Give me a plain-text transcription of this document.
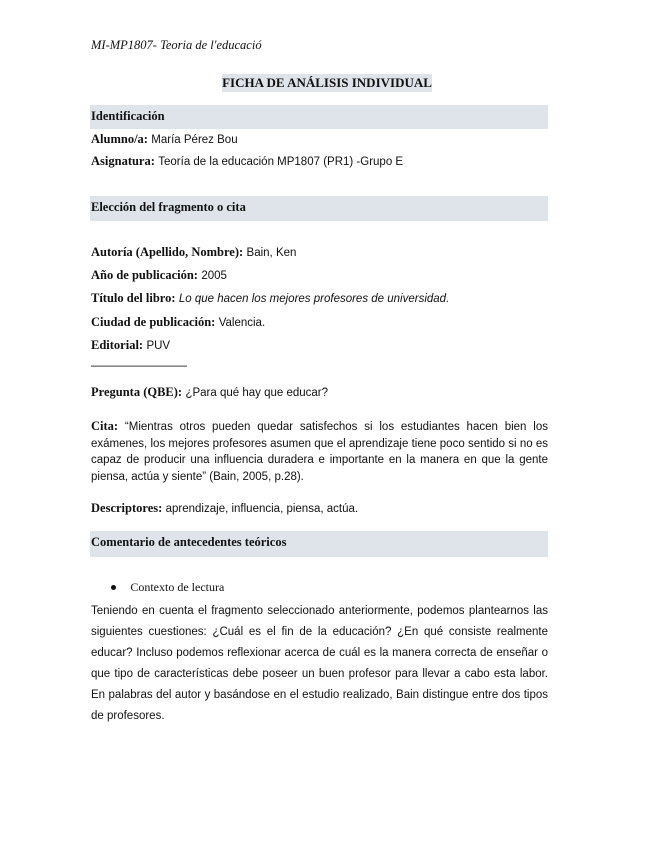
MI-MP1807- Teoria de l'educació
FICHA DE ANÁLISIS INDIVIDUAL
Identificación
Alumno/a: María Pérez Bou
Asignatura: Teoría de la educación MP1807 (PR1) -Grupo E
Elección del fragmento o cita
Autoría (Apellido, Nombre): Bain, Ken
Año de publicación: 2005
Título del libro: Lo que hacen los mejores profesores de universidad.
Ciudad de publicación: Valencia.
Editorial: PUV
————————
Pregunta (QBE): ¿Para qué hay que educar?
Cita: “Mientras otros pueden quedar satisfechos si los estudiantes hacen bien los exámenes, los mejores profesores asumen que el aprendizaje tiene poco sentido si no es capaz de producir una influencia duradera e importante en la manera en que la gente piensa, actúa y siente” (Bain, 2005, p.28).
Descriptores: aprendizaje, influencia, piensa, actúa.
Comentario de antecedentes teóricos
Contexto de lectura
Teniendo en cuenta el fragmento seleccionado anteriormente, podemos plantearnos las siguientes cuestiones: ¿Cuál es el fin de la educación? ¿En qué consiste realmente educar? Incluso podemos reflexionar acerca de cuál es la manera correcta de enseñar o que tipo de características debe poseer un buen profesor para llevar a cabo esta labor. En palabras del autor y basándose en el estudio realizado, Bain distingue entre dos tipos de profesores.
